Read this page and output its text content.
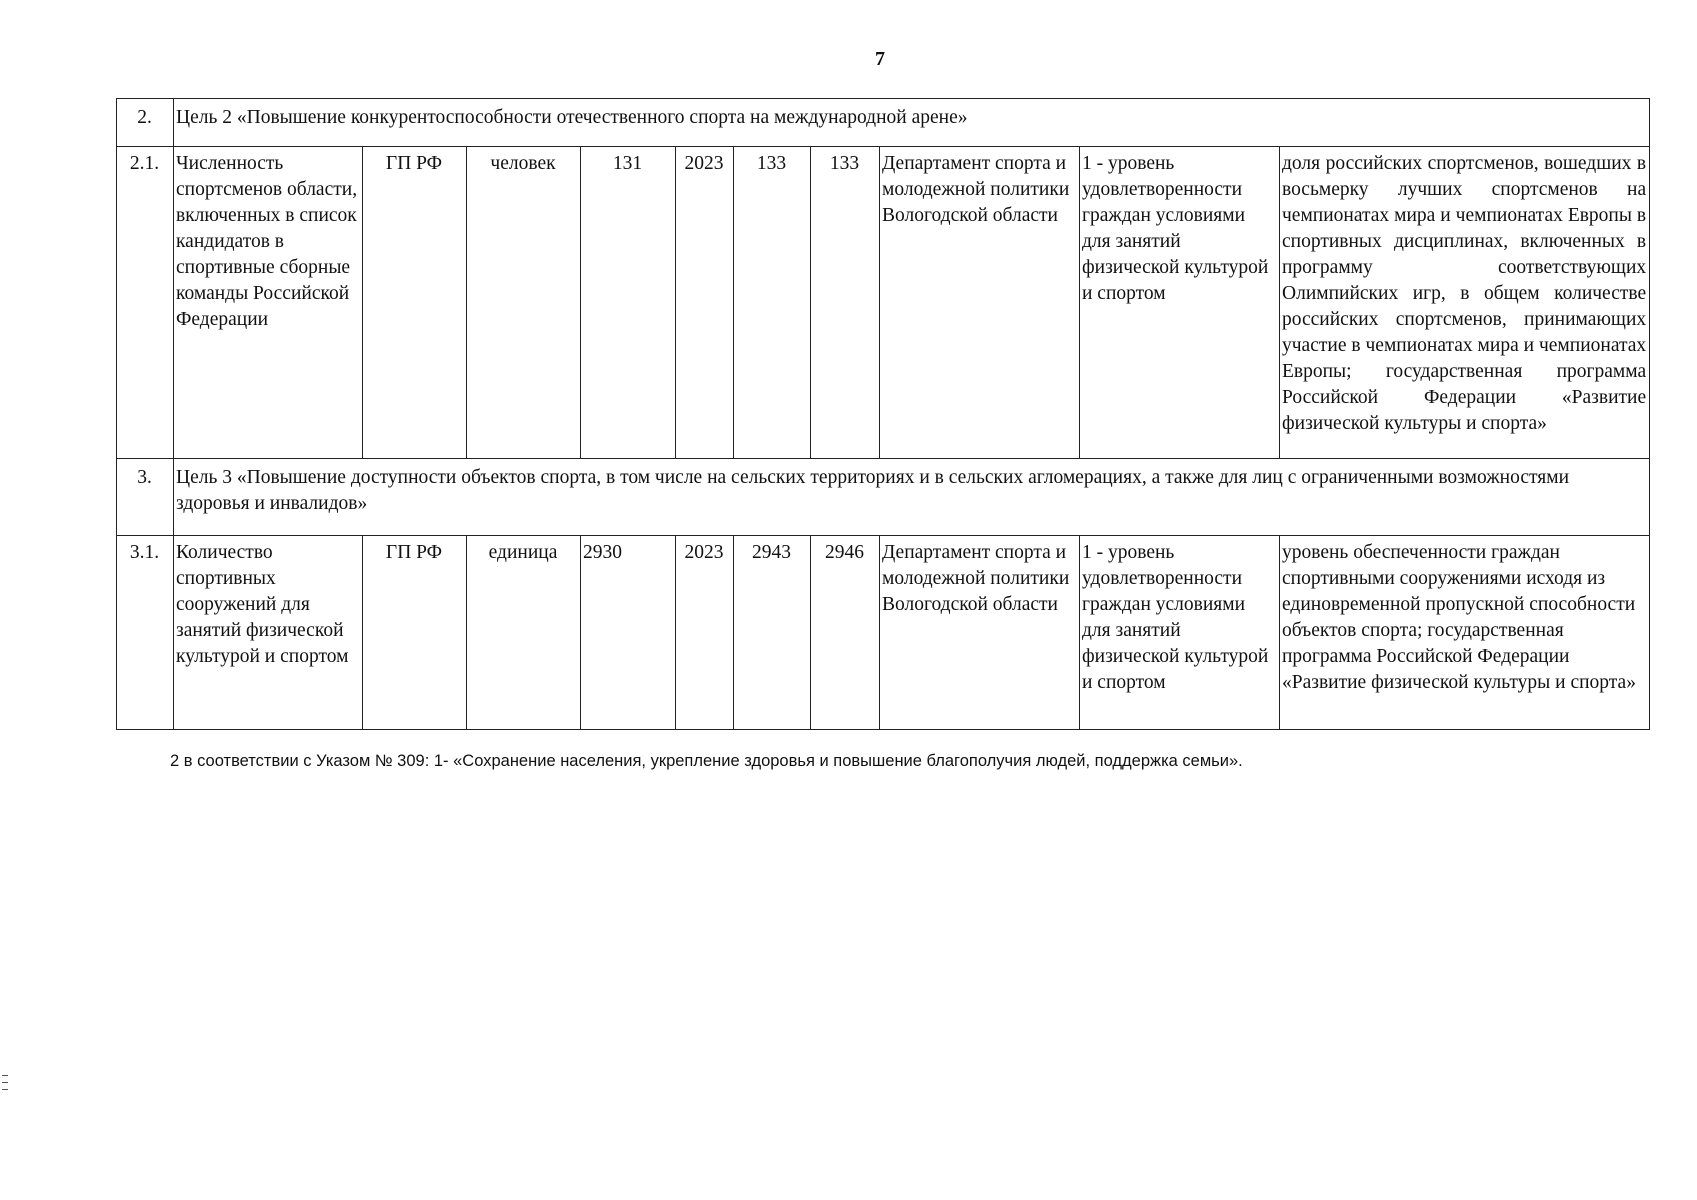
7
2.	Цель 2 «Повышение конкурентоспособности отечественного спорта на международной арене»									
2.1.	Численность спортсменов области, включенных в список кандидатов в спортивные сборные команды Российской Федерации	ГП РФ	человек	131	2023	133	133	Департамент спорта и молодежной политики Вологодской области	1 - уровень удовлетворенности граждан условиями для занятий физической культурой и спортом	доля российских спортсменов, вошедших в восьмерку лучших спортсменов на чемпионатах мира и чемпионатах Европы в спортивных дисциплинах, включенных в программу соответствующих Олимпийских игр, в общем количестве российских спортсменов, принимающих участие в чемпионатах мира и чемпионатах Европы; государственная программа Российской Федерации «Развитие физической культуры и спорта»
3.	Цель 3 «Повышение доступности объектов спорта, в том числе на сельских территориях и в сельских агломерациях, а также для лиц с ограниченными возможностями здоровья и инвалидов»									
3.1.	Количество спортивных сооружений для занятий физической культурой и спортом	ГП РФ	единица	2930	2023	2943	2946	Департамент спорта и молодежной политики Вологодской области	1 - уровень удовлетворенности граждан условиями для занятий физической культурой и спортом	уровень обеспеченности граждан спортивными сооружениями исходя из единовременной пропускной способности объектов спорта; государственная программа Российской Федерации «Развитие физической культуры и спорта»
2 в соответствии с Указом № 309: 1- «Сохранение населения, укрепление здоровья и повышение благополучия людей, поддержка семьи».
